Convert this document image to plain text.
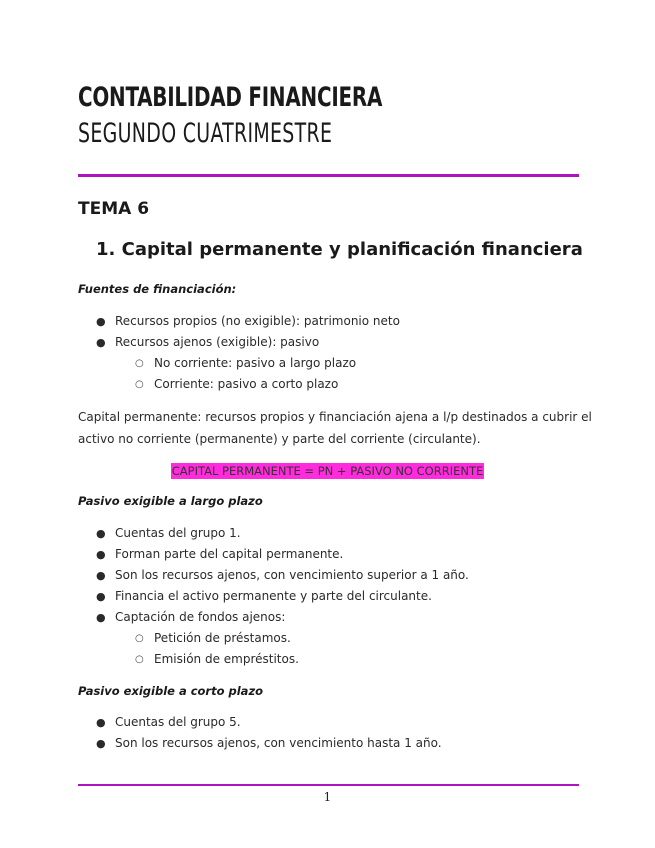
CONTABILIDAD FINANCIERA
SEGUNDO CUATRIMESTRE
TEMA 6
1. Capital permanente y planificación financiera
Fuentes de financiación:
● Recursos propios (no exigible): patrimonio neto
● Recursos ajenos (exigible): pasivo
○ No corriente: pasivo a largo plazo
○ Corriente: pasivo a corto plazo

Capital permanente: recursos propios y financiación ajena a l/p destinados a cubrir el

activo no corriente (permanente) y parte del corriente (circulante).

CAPITAL PERMANENTE = PN + PASIVO NO CORRIENTE
Pasivo exigible a largo plazo
● Cuentas del grupo 1.
● Forman parte del capital permanente.
● Son los recursos ajenos, con vencimiento superior a 1 año.
● Financia el activo permanente y parte del circulante.
● Captación de fondos ajenos:
○ Petición de préstamos.
○ Emisión de empréstitos.
Pasivo exigible a corto plazo
● Cuentas del grupo 5.
● Son los recursos ajenos, con vencimiento hasta 1 año.
1
